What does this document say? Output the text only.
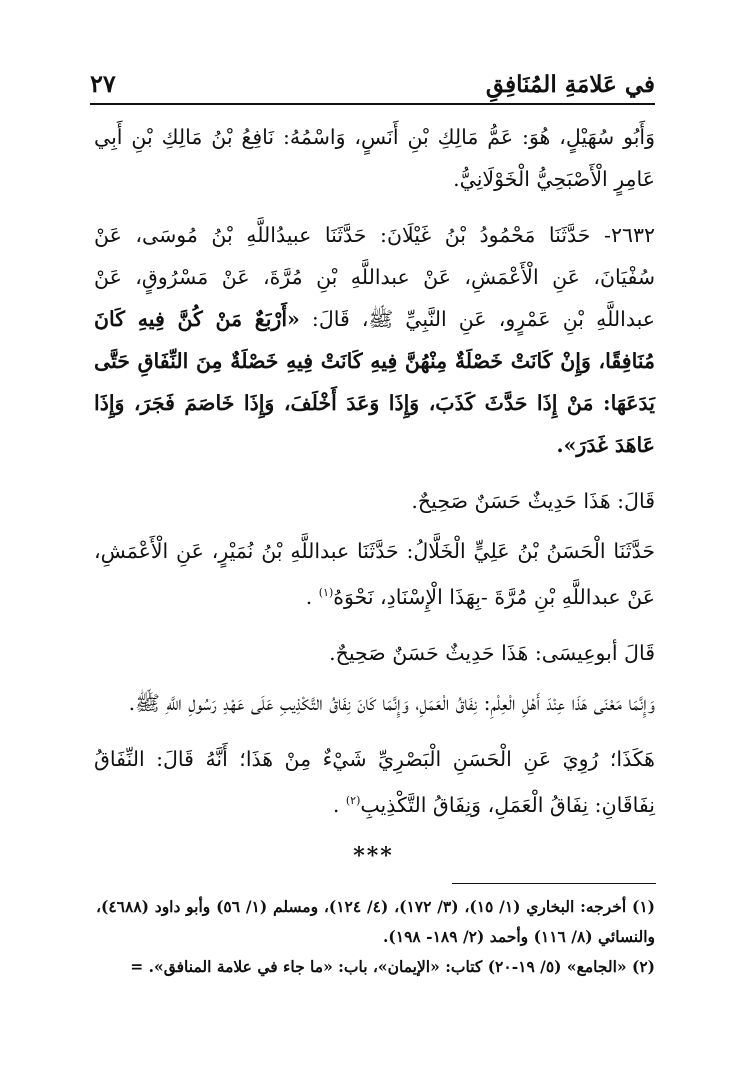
في عَلامَةِ المُنَافِقِ
٢٧

وَأَبُو سُهَيْلٍ، هُوَ: عَمُّ مَالِكِ بْنِ أَنَسٍ، وَاسْمُهُ: نَافِعُ بْنُ مَالِكِ بْنِ أَبِي عَامِرٍ الْأَصْبَحِيُّ الْخَوْلَانِيُّ.

٢٦٣٢- حَدَّثَنَا مَحْمُودُ بْنُ غَيْلَانَ: حَدَّثَنَا عبيدُاللَّهِ بْنُ مُوسَى، عَنْ سُفْيَانَ، عَنِ الْأَعْمَشِ، عَنْ عبداللَّهِ بْنِ مُرَّةَ، عَنْ مَسْرُوقٍ، عَنْ عبداللَّهِ بْنِ عَمْرٍو، عَنِ النَّبِيِّ ﷺ، قَالَ: «أَرْبَعٌ مَنْ كُنَّ فِيهِ كَانَ مُنَافِقًا، وَإِنْ كَانَتْ خَصْلَةٌ مِنْهُنَّ فِيهِ كَانَتْ فِيهِ خَصْلَةٌ مِنَ النِّفَاقِ حَتَّى يَدَعَهَا: مَنْ إِذَا حَدَّثَ كَذَبَ، وَإِذَا وَعَدَ أَخْلَفَ، وَإِذَا خَاصَمَ فَجَرَ، وَإِذَا عَاهَدَ غَدَرَ».

قَالَ: هَذَا حَدِيثٌ حَسَنٌ صَحِيحٌ.

حَدَّثَنَا الْحَسَنُ بْنُ عَلِيٍّ الْخَلَّالُ: حَدَّثَنَا عبداللَّهِ بْنُ نُمَيْرٍ، عَنِ الْأَعْمَشِ، عَنْ عبداللَّهِ بْنِ مُرَّةَ -بِهَذَا الْإِسْنَادِ، نَحْوَهُ$^{(١)}$ .

قَالَ أبوعِيسَى: هَذَا حَدِيثٌ حَسَنٌ صَحِيحٌ.

وَإِنَّمَا مَعْنَى هَذَا عِنْدَ أَهْلِ الْعِلْمِ: نِفَاقُ الْعَمَلِ، وَإِنَّمَا كَانَ نِفَاقُ التَّكْذِيبِ عَلَى عَهْدِ رَسُولِ اللَّهِ ﷺ.

هَكَذَا؛ رُوِيَ عَنِ الْحَسَنِ الْبَصْرِيِّ شَيْءٌ مِنْ هَذَا؛ أَنَّهُ قَالَ: النِّفَاقُ نِفَاقَانِ: نِفَاقُ الْعَمَلِ، وَنِفَاقُ التَّكْذِيبِ$^{(٢)}$ .

***
(١) أخرجه: البخاري (١/ ١٥)، (٣/ ١٧٢)، (٤/ ١٢٤)، ومسلم (١/ ٥٦) وأبو داود (٤٦٨٨)، والنسائي (٨/ ١١٦) وأحمد (٢/ ١٨٩- ١٩٨).
(٢) «الجامع» (٥/ ١٩-٢٠) كتاب: «الإيمان»، باب: «ما جاء في علامة المنافق». =
